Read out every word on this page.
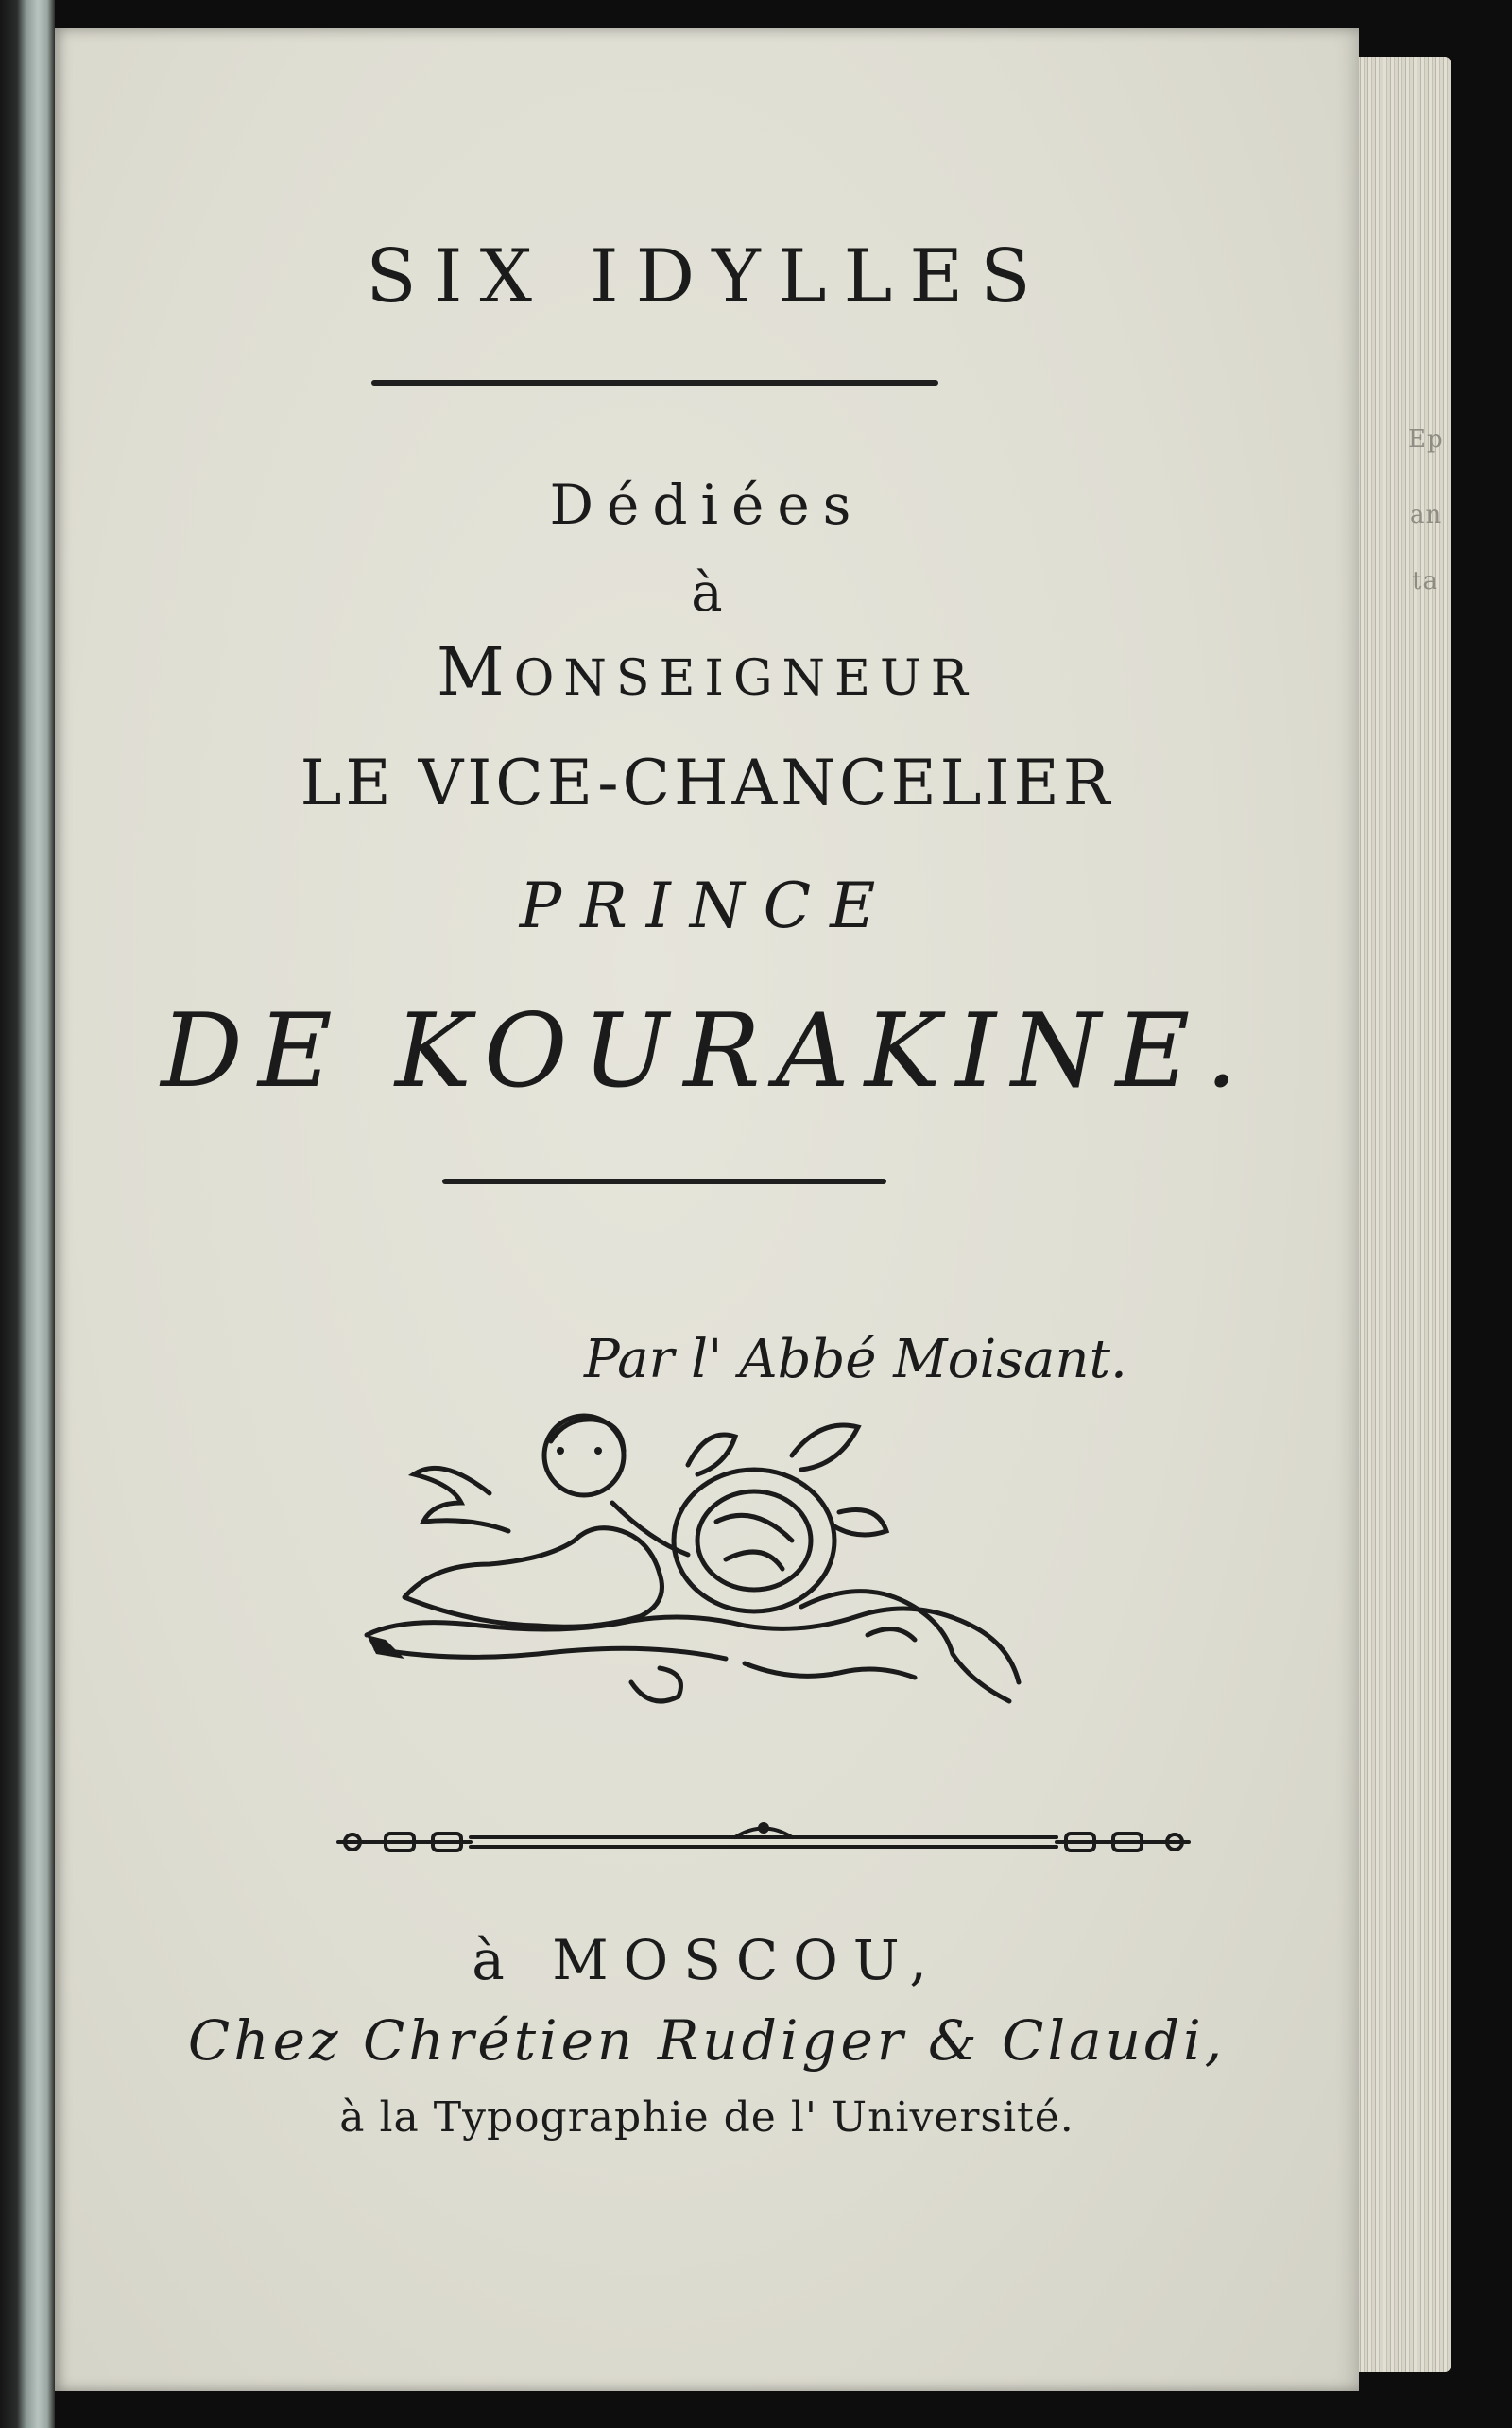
Ep
an
ta

SIX IDYLLES

Dédiées

à

MONSEIGNEUR

LE VICE-CHANCELIER

PRINCE

DE KOURAKINE.

Par l' Abbé Moisant.

à MOSCOU,

Chez Chrétien Rudiger & Claudi,

à la Typographie de l' Université.
